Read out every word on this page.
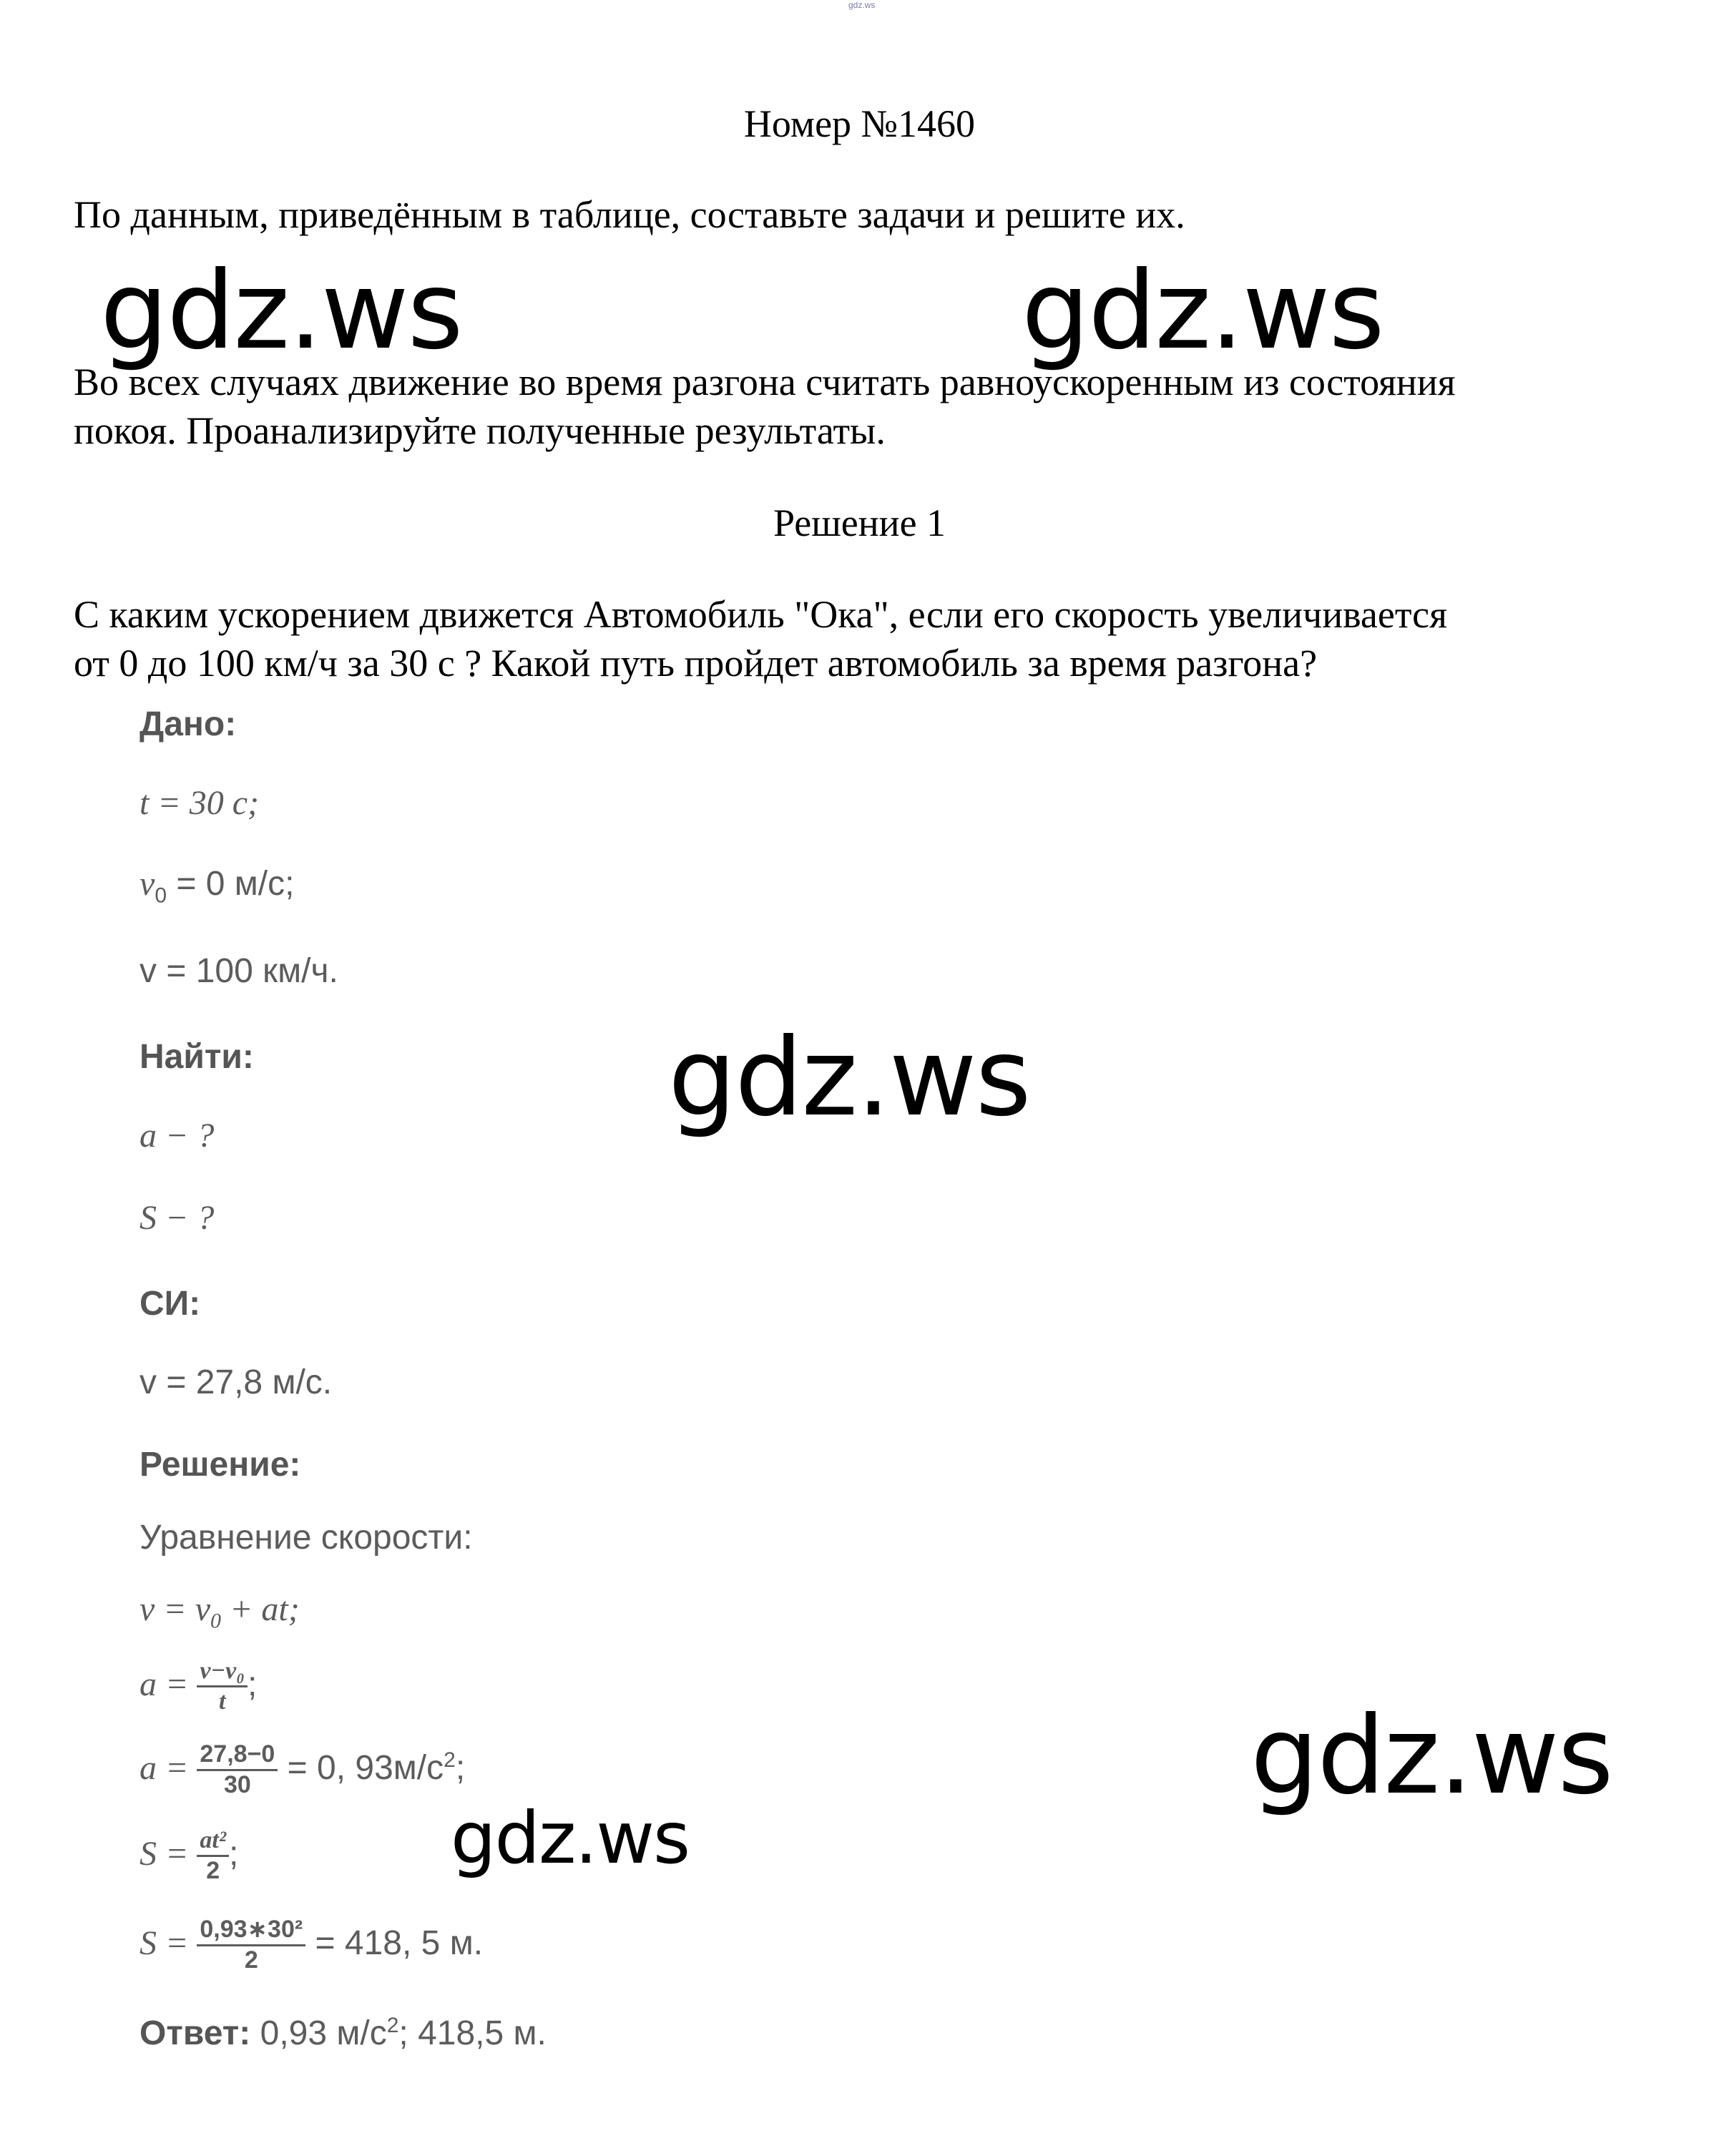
gdz.ws
Номер №1460
По данным, приведённым в таблице, составьте задачи и решите их.
Во всех случаях движение во время разгона считать равноускоренным из состояния
покоя. Проанализируйте полученные результаты.
Решение 1
С каким ускорением движется Автомобиль "Ока", если его скорость увеличивается
от 0 до 100 км/ч за 30 с ? Какой путь пройдет автомобиль за время разгона?
Дано:
t = 30 c;
$v_0 = 0$ м/с;
v = 100 км/ч.
Найти:
a − ?
S − ?
СИ:
v = 27,8 м/с.
Решение:
Уравнение скорости:
$v = v_0$ + at;
$a = \frac{\text{v−v₀}}{t}$ ;
$a = \frac{27,8-0}{30} = 0$, $93м/с^2$;
$S = \frac{\text{at²}}{2}$ ;
$S = \frac{\text{0,93∗30²}}{2} = 418$, 5 м.
Ответ: 0,93 $м/с^2$; 418,5 м.
gdz.ws	gdz.ws
gdz.ws
gdz.ws
gdz.ws
